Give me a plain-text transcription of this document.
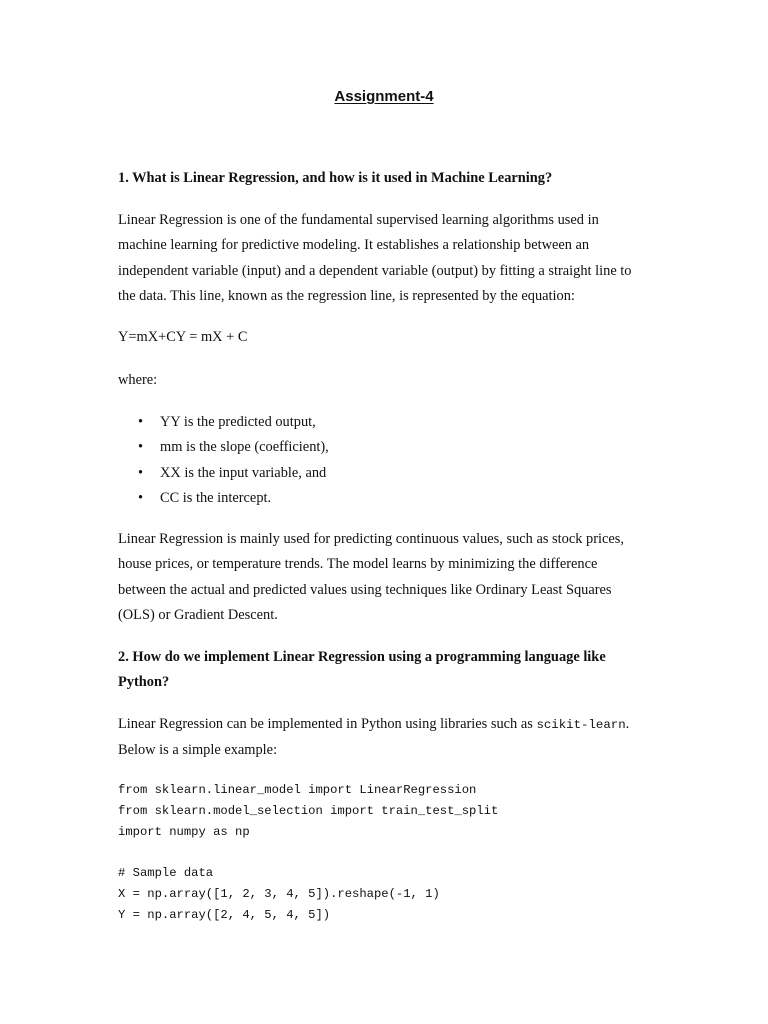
Assignment-4
1. What is Linear Regression, and how is it used in Machine Learning?
Linear Regression is one of the fundamental supervised learning algorithms used in machine learning for predictive modeling. It establishes a relationship between an independent variable (input) and a dependent variable (output) by fitting a straight line to the data. This line, known as the regression line, is represented by the equation:
Y=mX+CY = mX + C
where:
• YY is the predicted output,
• mm is the slope (coefficient),
• XX is the input variable, and
• CC is the intercept.
Linear Regression is mainly used for predicting continuous values, such as stock prices, house prices, or temperature trends. The model learns by minimizing the difference between the actual and predicted values using techniques like Ordinary Least Squares (OLS) or Gradient Descent.
2. How do we implement Linear Regression using a programming language like Python?
Linear Regression can be implemented in Python using libraries such as scikit-learn. Below is a simple example:
from sklearn.linear_model import LinearRegression
from sklearn.model_selection import train_test_split
import numpy as np

# Sample data
X = np.array([1, 2, 3, 4, 5]).reshape(-1, 1)
Y = np.array([2, 4, 5, 4, 5])
